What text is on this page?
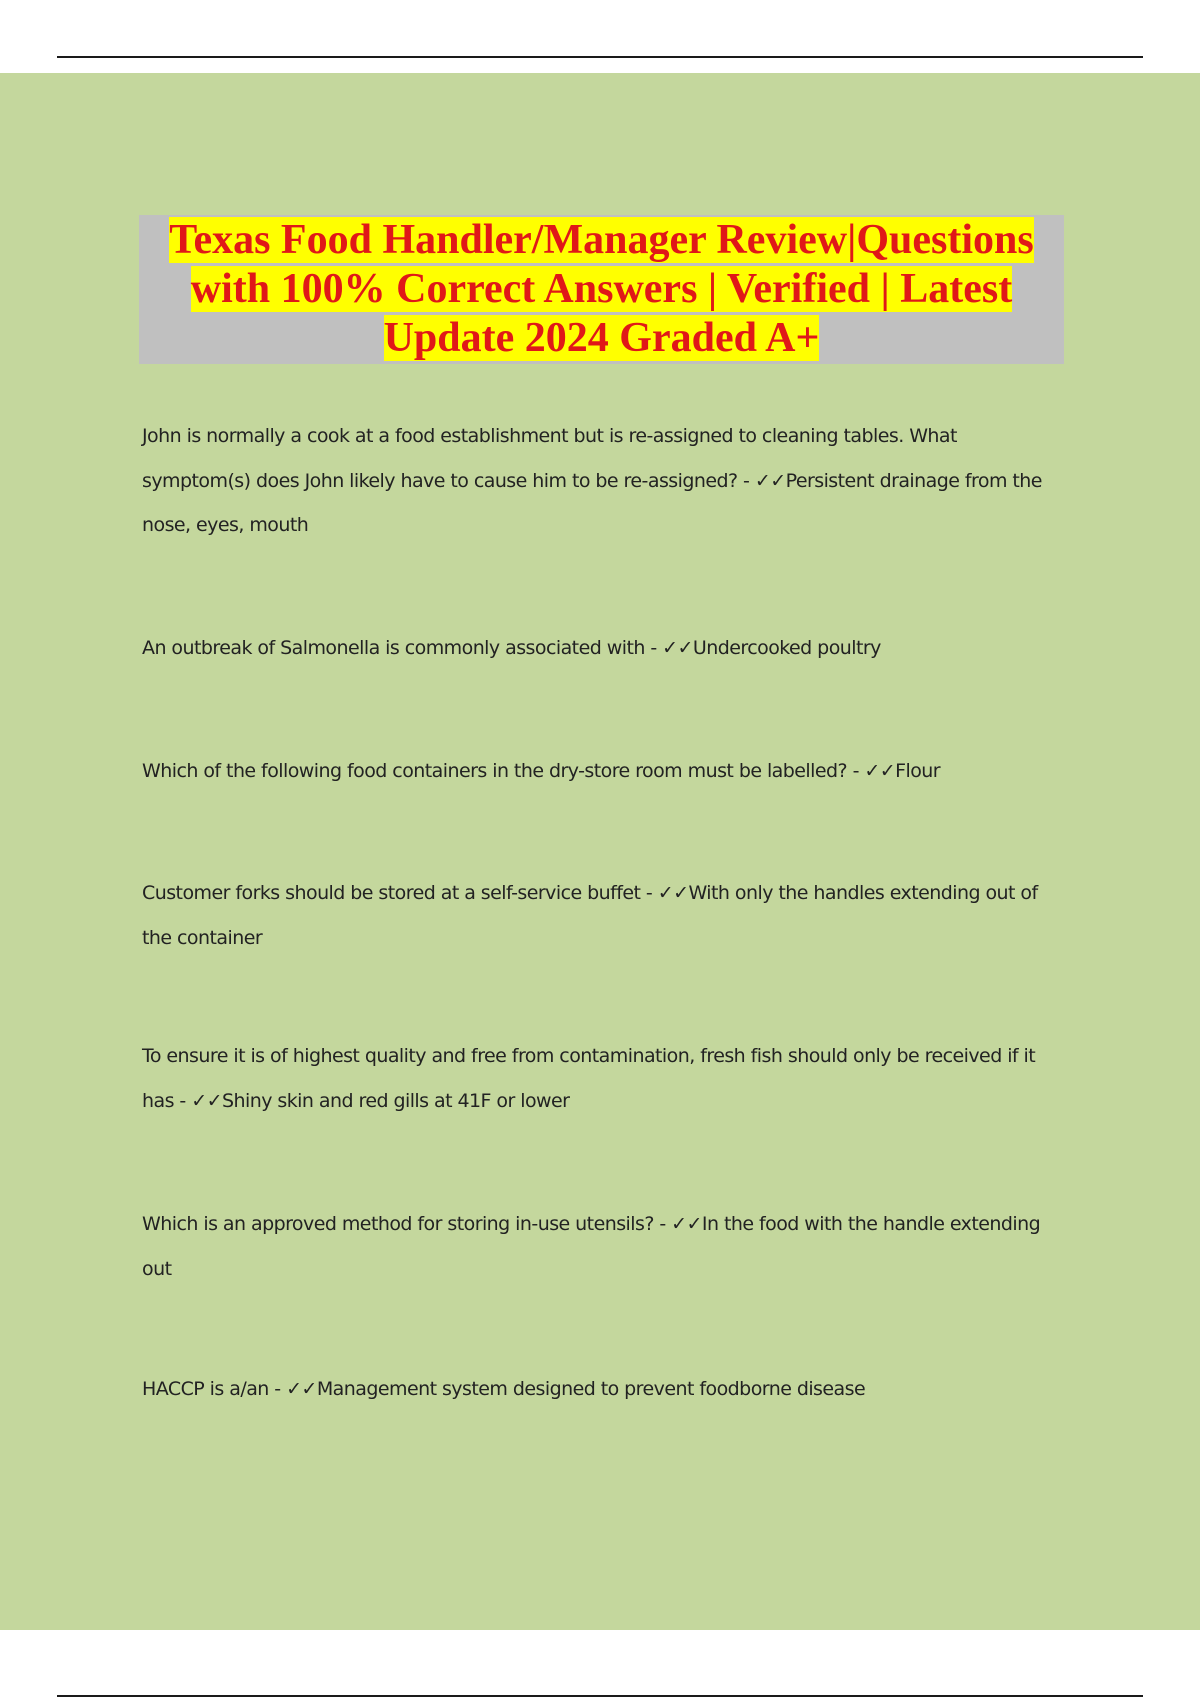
Texas Food Handler/Manager Review|Questions with 100% Correct Answers | Verified | Latest Update 2024 Graded A+

John is normally a cook at a food establishment but is re-assigned to cleaning tables. What symptom(s) does John likely have to cause him to be re-assigned? - ✓✓Persistent drainage from the nose, eyes, mouth

An outbreak of Salmonella is commonly associated with - ✓✓Undercooked poultry

Which of the following food containers in the dry-store room must be labelled? - ✓✓Flour

Customer forks should be stored at a self-service buffet - ✓✓With only the handles extending out of the container

To ensure it is of highest quality and free from contamination, fresh fish should only be received if it has - ✓✓Shiny skin and red gills at 41F or lower

Which is an approved method for storing in-use utensils? - ✓✓In the food with the handle extending out

HACCP is a/an - ✓✓Management system designed to prevent foodborne disease
